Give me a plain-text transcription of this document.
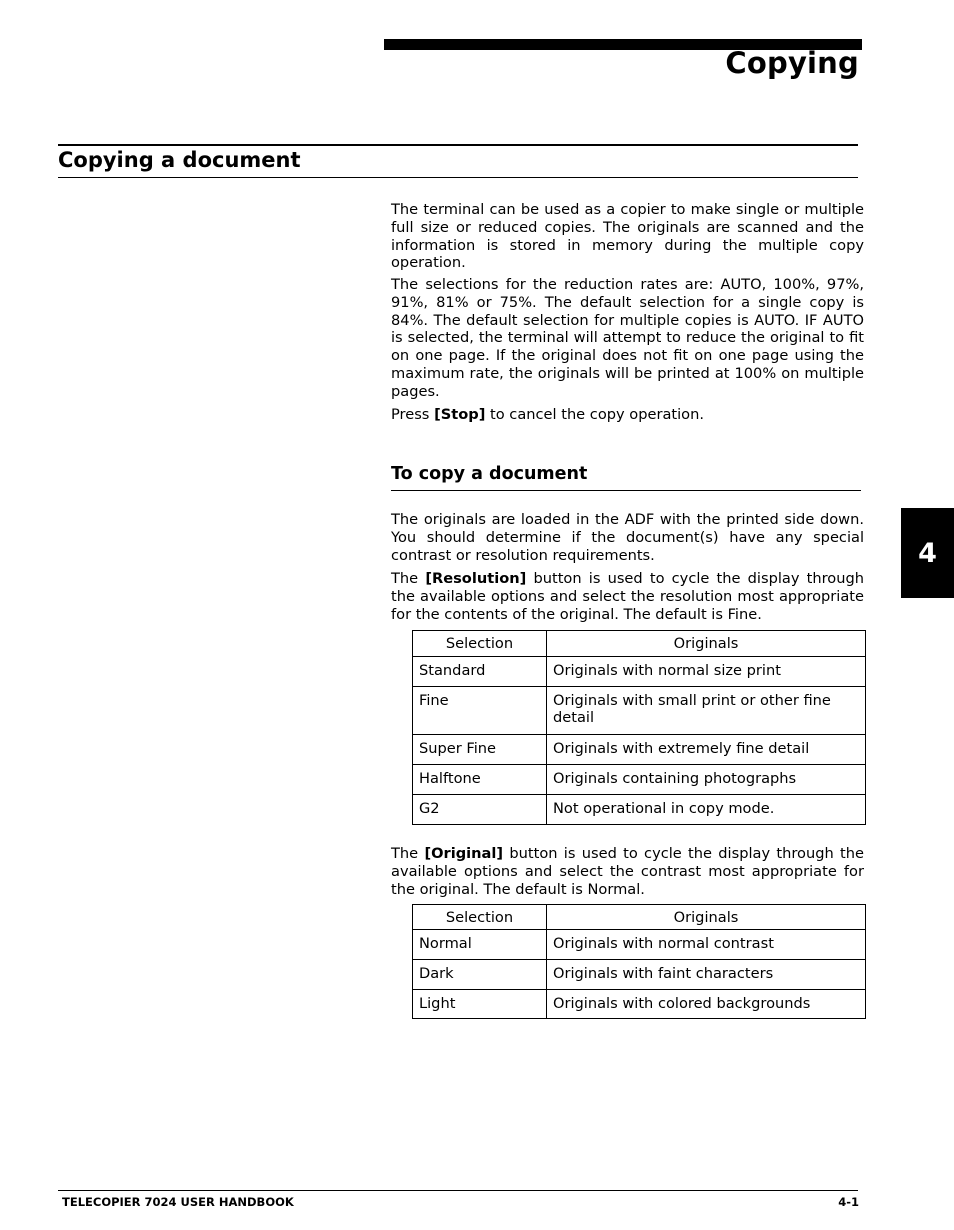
Copying
Copying a document

The terminal can be used as a copier to make single or multiple full size or reduced copies. The originals are scanned and the information is stored in memory during the multiple copy operation.

The selections for the reduction rates are: AUTO, 100%, 97%, 91%, 81% or 75%. The default selection for a single copy is 84%. The default selection for multiple copies is AUTO. IF AUTO is selected, the terminal will attempt to reduce the original to fit on one page. If the original does not fit on one page using the maximum rate, the originals will be printed at 100% on multiple pages.

Press [Stop] to cancel the copy operation.

To copy a document

The originals are loaded in the ADF with the printed side down. You should determine if the document(s) have any special contrast or resolution requirements.

The [Resolution] button is used to cycle the display through the available options and select the resolution most appropriate for the contents of the original. The default is Fine.

Selection	Originals
Standard	Originals with normal size print
Fine	Originals with small print or other fine detail
Super Fine	Originals with extremely fine detail
Halftone	Originals containing photographs
G2	Not operational in copy mode.

The [Original] button is used to cycle the display through the available options and select the contrast most appropriate for the original. The default is Normal.

Selection	Originals
Normal	Originals with normal contrast
Dark	Originals with faint characters
Light	Originals with colored backgrounds
4
TELECOPIER 7024 USER HANDBOOK	4-1
